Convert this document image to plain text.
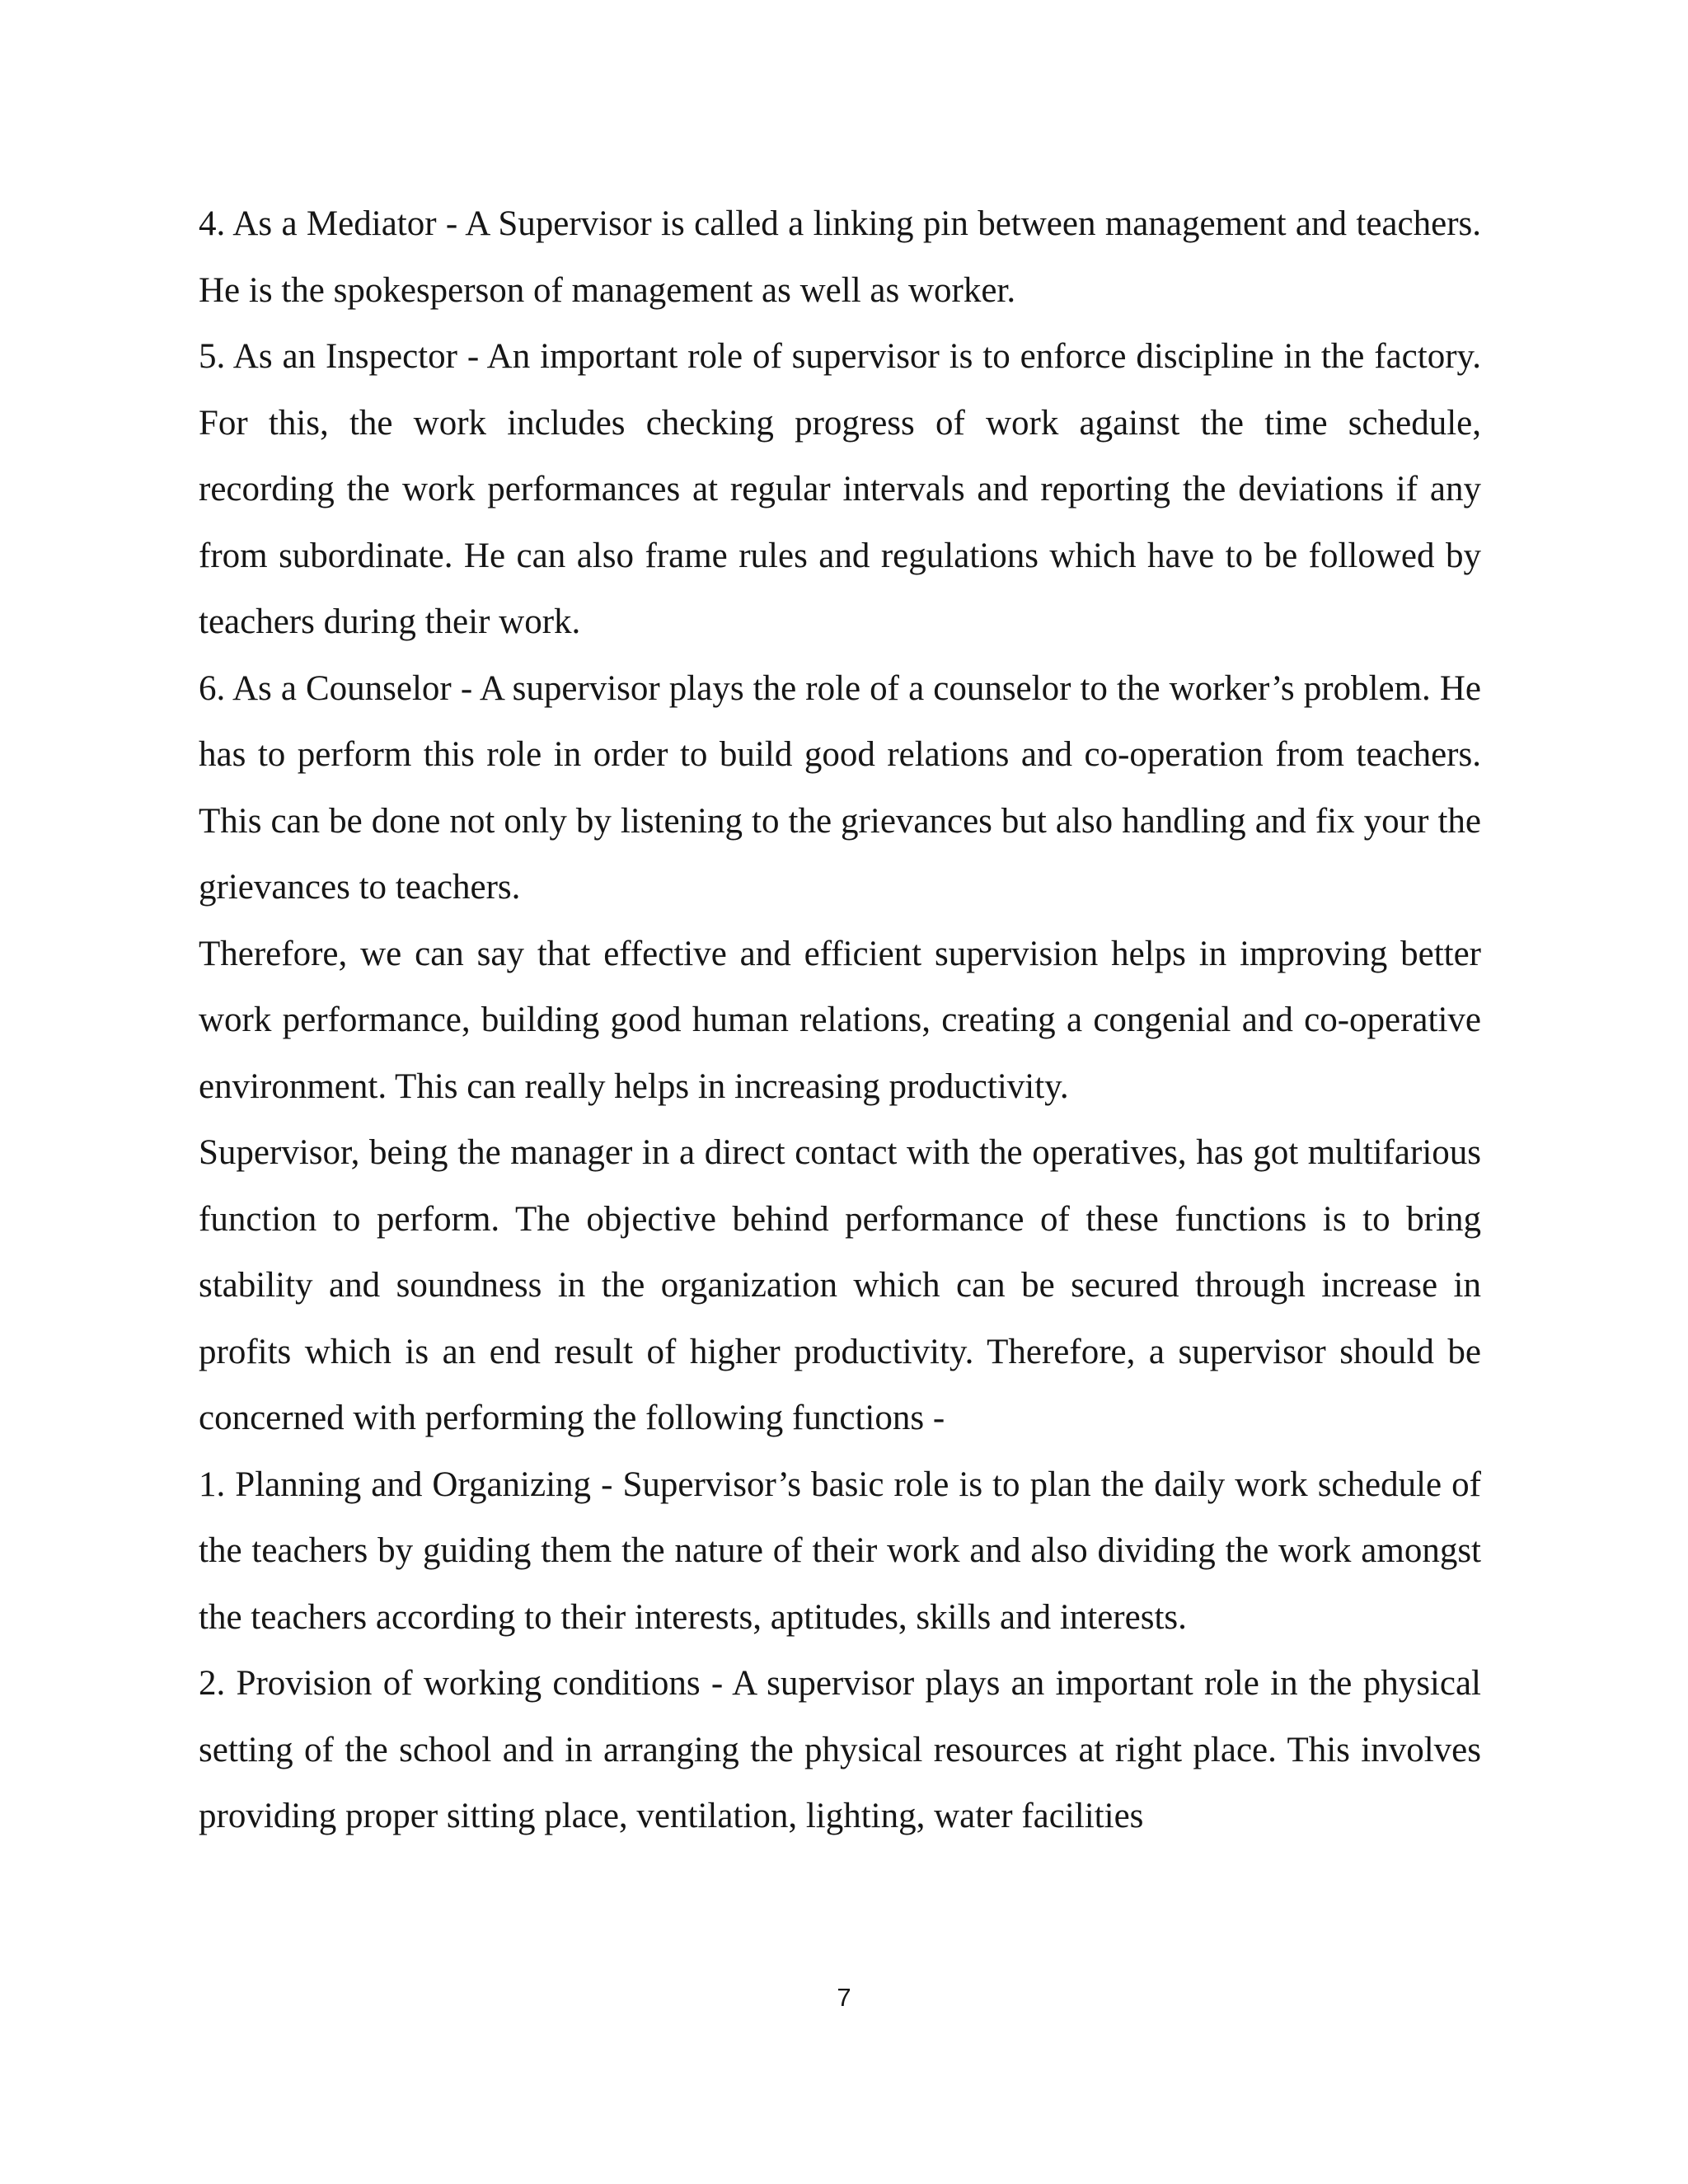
4. As a Mediator - A Supervisor is called a linking pin between management and teachers. He is the spokesperson of management as well as worker.

5. As an Inspector - An important role of supervisor is to enforce discipline in the factory. For this, the work includes checking progress of work against the time schedule, recording the work performances at regular intervals and reporting the deviations if any from subordinate. He can also frame rules and regulations which have to be followed by teachers during their work.

6. As a Counselor - A supervisor plays the role of a counselor to the worker’s problem. He has to perform this role in order to build good relations and co-operation from teachers. This can be done not only by listening to the grievances but also handling and fix your the grievances to teachers.

Therefore, we can say that effective and efficient supervision helps in improving better work performance, building good human relations, creating a congenial and co-operative environment. This can really helps in increasing productivity.

Supervisor, being the manager in a direct contact with the operatives, has got multifarious function to perform. The objective behind performance of these functions is to bring stability and soundness in the organization which can be secured through increase in profits which is an end result of higher productivity. Therefore, a supervisor should be concerned with performing the following functions -

1. Planning and Organizing - Supervisor’s basic role is to plan the daily work schedule of the teachers by guiding them the nature of their work and also dividing the work amongst the teachers according to their interests, aptitudes, skills and interests.

2. Provision of working conditions - A supervisor plays an important role in the physical setting of the school and in arranging the physical resources at right place. This involves providing proper sitting place, ventilation, lighting, water facilities

7
